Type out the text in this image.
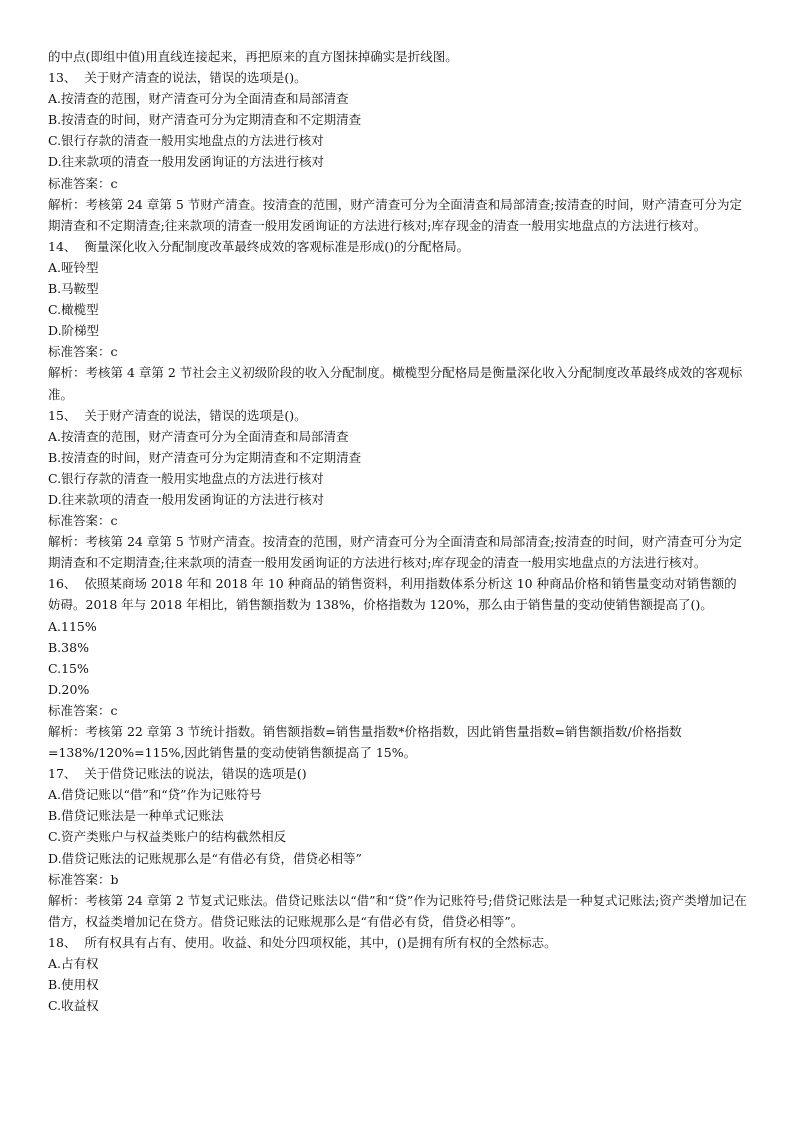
的中点(即组中值)用直线连接起来，再把原来的直方图抹掉确实是折线图。
13、 关于财产清查的说法，错误的选项是()。
A.按清查的范围，财产清查可分为全面清查和局部清查
B.按清查的时间，财产清查可分为定期清查和不定期清查
C.银行存款的清查一般用实地盘点的方法进行核对
D.往来款项的清查一般用发函询证的方法进行核对
标准答案：c
解析：考核第 24 章第 5 节财产清查。按清查的范围，财产清查可分为全面清查和局部清查;按清查的时间，财产清查可分为定期清查和不定期清查;往来款项的清查一般用发函询证的方法进行核对;库存现金的清查一般用实地盘点的方法进行核对。
14、 衡量深化收入分配制度改革最终成效的客观标准是形成()的分配格局。
A.哑铃型
B.马鞍型
C.橄榄型
D.阶梯型
标准答案：c
解析：考核第 4 章第 2 节社会主义初级阶段的收入分配制度。橄榄型分配格局是衡量深化收入分配制度改革最终成效的客观标准。
15、 关于财产清查的说法，错误的选项是()。
A.按清查的范围，财产清查可分为全面清查和局部清查
B.按清查的时间，财产清查可分为定期清查和不定期清查
C.银行存款的清查一般用实地盘点的方法进行核对
D.往来款项的清查一般用发函询证的方法进行核对
标准答案：c
解析：考核第 24 章第 5 节财产清查。按清查的范围，财产清查可分为全面清查和局部清查;按清查的时间，财产清查可分为定期清查和不定期清查;往来款项的清查一般用发函询证的方法进行核对;库存现金的清查一般用实地盘点的方法进行核对。
16、 依照某商场 2018 年和 2018 年 10 种商品的销售资料，利用指数体系分析这 10 种商品价格和销售量变动对销售额的妨碍。2018 年与 2018 年相比，销售额指数为 138%，价格指数为 120%，那么由于销售量的变动使销售额提高了()。
A.115%
B.38%
C.15%
D.20%
标准答案：c
解析：考核第 22 章第 3 节统计指数。销售额指数=销售量指数*价格指数，因此销售量指数=销售额指数/价格指数=138%/120%=115%,因此销售量的变动使销售额提高了 15%。
17、 关于借贷记账法的说法，错误的选项是()
A.借贷记账以“借”和“贷”作为记账符号
B.借贷记账法是一种单式记账法
C.资产类账户与权益类账户的结构截然相反
D.借贷记账法的记账规那么是“有借必有贷，借贷必相等”
标准答案：b
解析：考核第 24 章第 2 节复式记账法。借贷记账法以“借”和“贷”作为记账符号;借贷记账法是一种复式记账法;资产类增加记在借方，权益类增加记在贷方。借贷记账法的记账规那么是“有借必有贷，借贷必相等”。
18、 所有权具有占有、使用。收益、和处分四项权能，其中，()是拥有所有权的全然标志。
A.占有权
B.使用权
C.收益权
